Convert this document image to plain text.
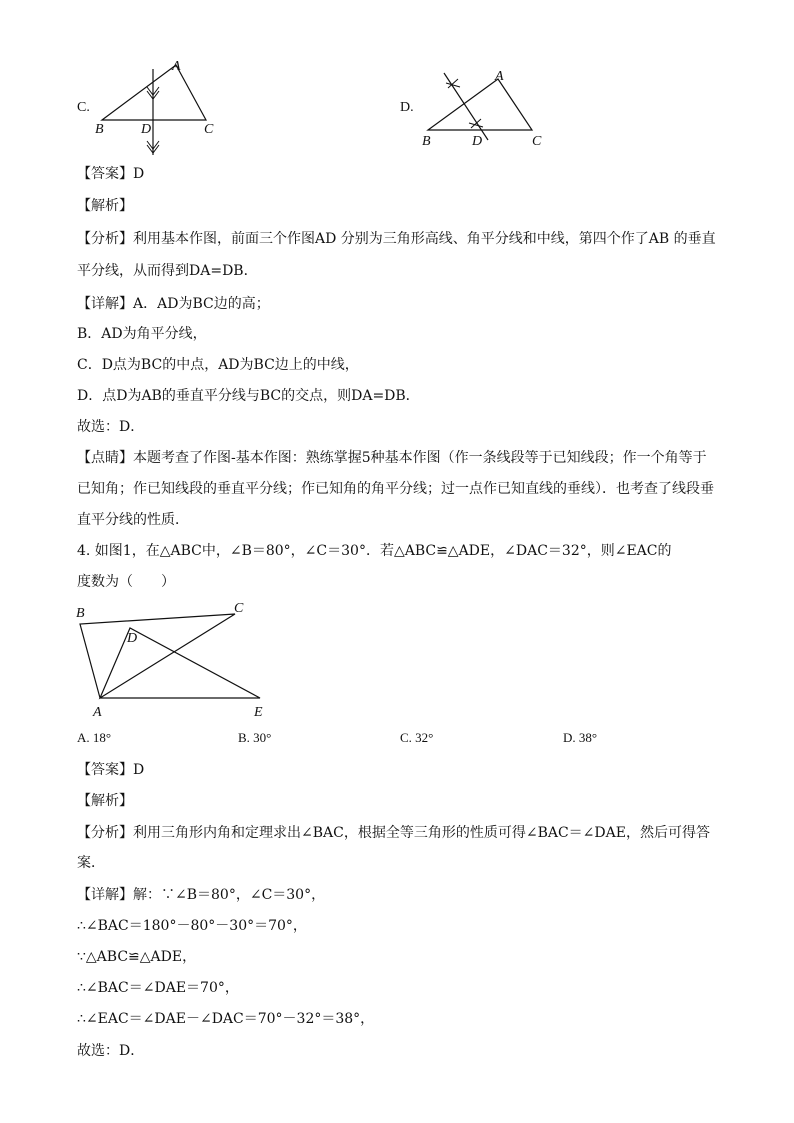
C.
A
B	D	C
D.
A
B	D	C
【答案】D
【解析】
【分析】利用基本作图，前面三个作图AD 分别为三角形高线、角平分线和中线，第四个作了AB 的垂直
平分线，从而得到DA=DB．
【详解】A．AD为BC边的高；
B．AD为角平分线，
C．D点为BC的中点，AD为BC边上的中线，
D．点D为AB的垂直平分线与BC的交点，则DA=DB．
故选：D．
【点睛】本题考查了作图-基本作图：熟练掌握5种基本作图（作一条线段等于已知线段；作一个角等于
已知角；作已知线段的垂直平分线；作已知角的角平分线；过一点作已知直线的垂线）．也考查了线段垂
直平分线的性质．
4. 如图1，在△ABC中，∠B＝80°，∠C＝30°．若△ABC≌△ADE，∠DAC＝32°，则∠EAC的
度数为（　　）
B	C
D
A	E
A. 18°	B. 30°	C. 32°	D. 38°
【答案】D
【解析】
【分析】利用三角形内角和定理求出∠BAC，根据全等三角形的性质可得∠BAC＝∠DAE，然后可得答
案．
【详解】解：∵∠B＝80°，∠C＝30°，
∴∠BAC＝180°－80°－30°＝70°，
∵△ABC≌△ADE，
∴∠BAC＝∠DAE＝70°，
∴∠EAC＝∠DAE－∠DAC＝70°－32°＝38°，
故选：D．
